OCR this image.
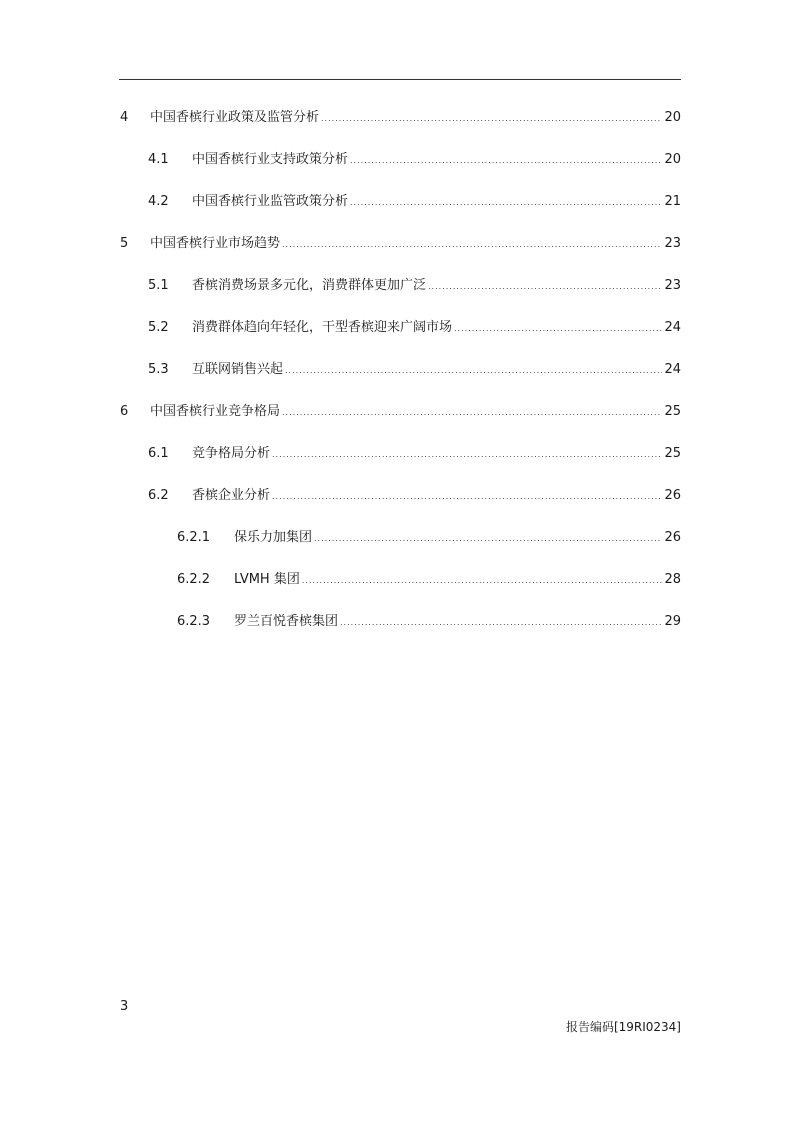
4	中国香槟行业政策及监管分析 .....	20
4.1	中国香槟行业支持政策分析 .....	20
4.2	中国香槟行业监管政策分析 .....	21
5	中国香槟行业市场趋势 .....	23
5.1	香槟消费场景多元化，消费群体更加广泛 .....	23
5.2	消费群体趋向年轻化，干型香槟迎来广阔市场 .....	24
5.3	互联网销售兴起 .....	24
6	中国香槟行业竞争格局 .....	25
6.1	竞争格局分析 .....	25
6.2	香槟企业分析 .....	26
6.2.1	保乐力加集团 .....	26
6.2.2	LVMH 集团 .....	28
6.2.3	罗兰百悦香槟集团 .....	29
3
报告编码[19RI0234]
